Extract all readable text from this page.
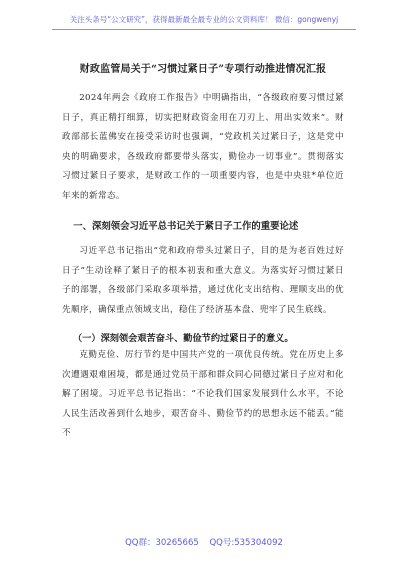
关注头条号“公文研究”，获得最新最全最专业的公文资料库！ 微信：gongwenyj
财政监管局关于“习惯过紧日子”专项行动推进情况汇报

2024年两会《政府工作报告》中明确指出，“各级政府要习惯过紧日子，真正精打细算，切实把财政资金用在刀刃上、用出实效来”。财政部部长蓝佛安在接受采访时也强调，“党政机关过紧日子，这是党中央的明确要求，各级政府都要带头落实，勤俭办一切事业”。贯彻落实习惯过紧日子要求，是财政工作的一项重要内容，也是中央驻*单位近年来的新常态。

一、深刻领会习近平总书记关于紧日子工作的重要论述

习近平总书记指出“党和政府带头过紧日子，目的是为老百姓过好日子”生动诠释了紧日子的根本初衷和重大意义。为落实好习惯过紧日子的部署，各级部门采取多项举措，通过优化支出结构、理顺支出的优先顺序，确保重点领域支出，稳住了经济基本盘、兜牢了民生底线。

（一）深刻领会艰苦奋斗、勤俭节约过紧日子的意义。

克勤克俭、厉行节约是中国共产党的一项优良传统。党在历史上多次遭遇艰难困境，都是通过党员干部和群众同心同德过紧日子应对和化解了困境。习近平总书记指出：“不论我们国家发展到什么水平，不论人民生活改善到什么地步，艰苦奋斗、勤俭节约的思想永远不能丢。”能不

QQ群：30265665 QQ号:535304092
